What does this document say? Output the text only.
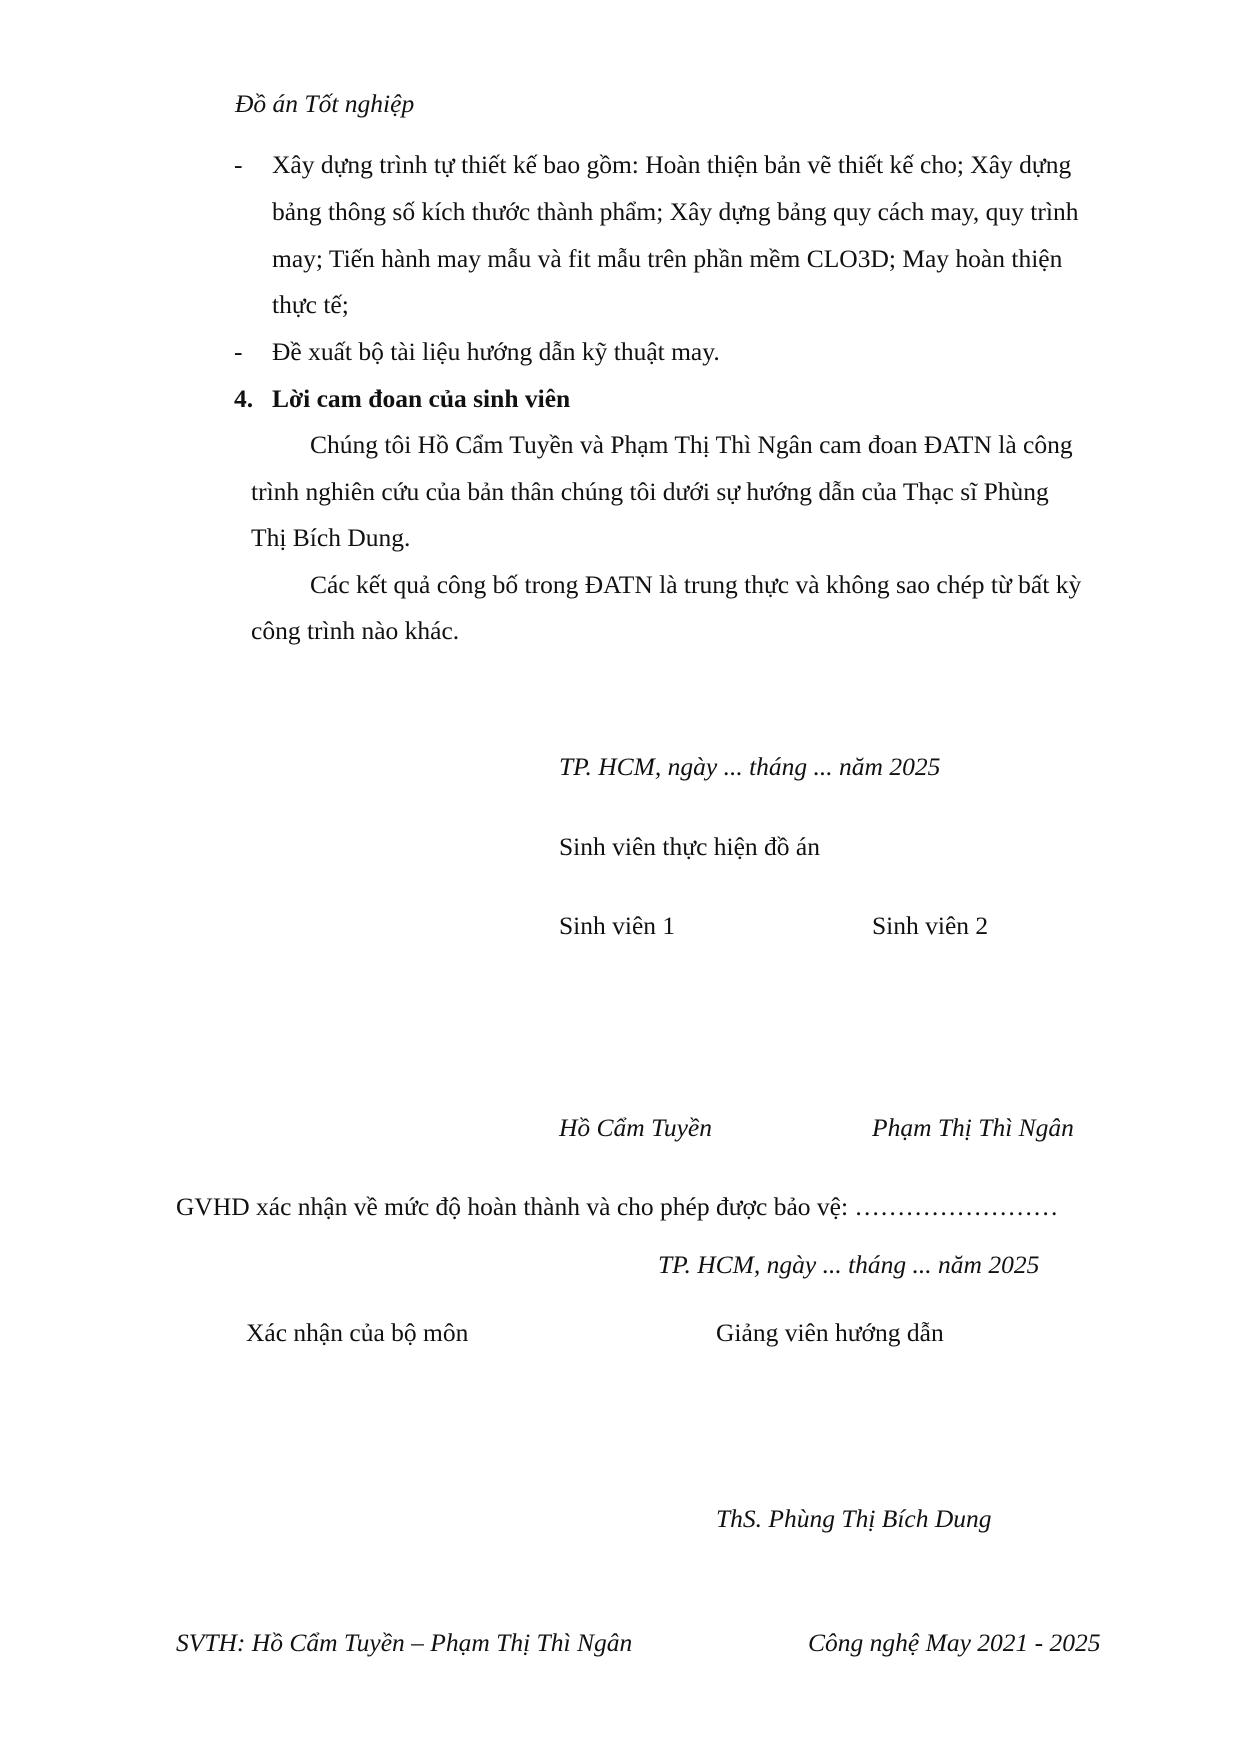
Đồ án Tốt nghiệp
- Xây dựng trình tự thiết kế bao gồm: Hoàn thiện bản vẽ thiết kế cho; Xây dựng
bảng thông số kích thước thành phẩm; Xây dựng bảng quy cách may, quy trình
may; Tiến hành may mẫu và fit mẫu trên phần mềm CLO3D; May hoàn thiện
thực tế;
- Đề xuất bộ tài liệu hướng dẫn kỹ thuật may.
4. Lời cam đoan của sinh viên
Chúng tôi Hồ Cẩm Tuyền và Phạm Thị Thì Ngân cam đoan ĐATN là công
trình nghiên cứu của bản thân chúng tôi dưới sự hướng dẫn của Thạc sĩ Phùng
Thị Bích Dung.
Các kết quả công bố trong ĐATN là trung thực và không sao chép từ bất kỳ
công trình nào khác.
TP. HCM, ngày ... tháng ... năm 2025
Sinh viên thực hiện đồ án
Sinh viên 1	Sinh viên 2
Hồ Cẩm Tuyền	Phạm Thị Thì Ngân
GVHD xác nhận về mức độ hoàn thành và cho phép được bảo vệ: ……………………
TP. HCM, ngày ... tháng ... năm 2025
Xác nhận của bộ môn	Giảng viên hướng dẫn
ThS. Phùng Thị Bích Dung
SVTH: Hồ Cẩm Tuyền – Phạm Thị Thì Ngân	Công nghệ May 2021 - 2025
